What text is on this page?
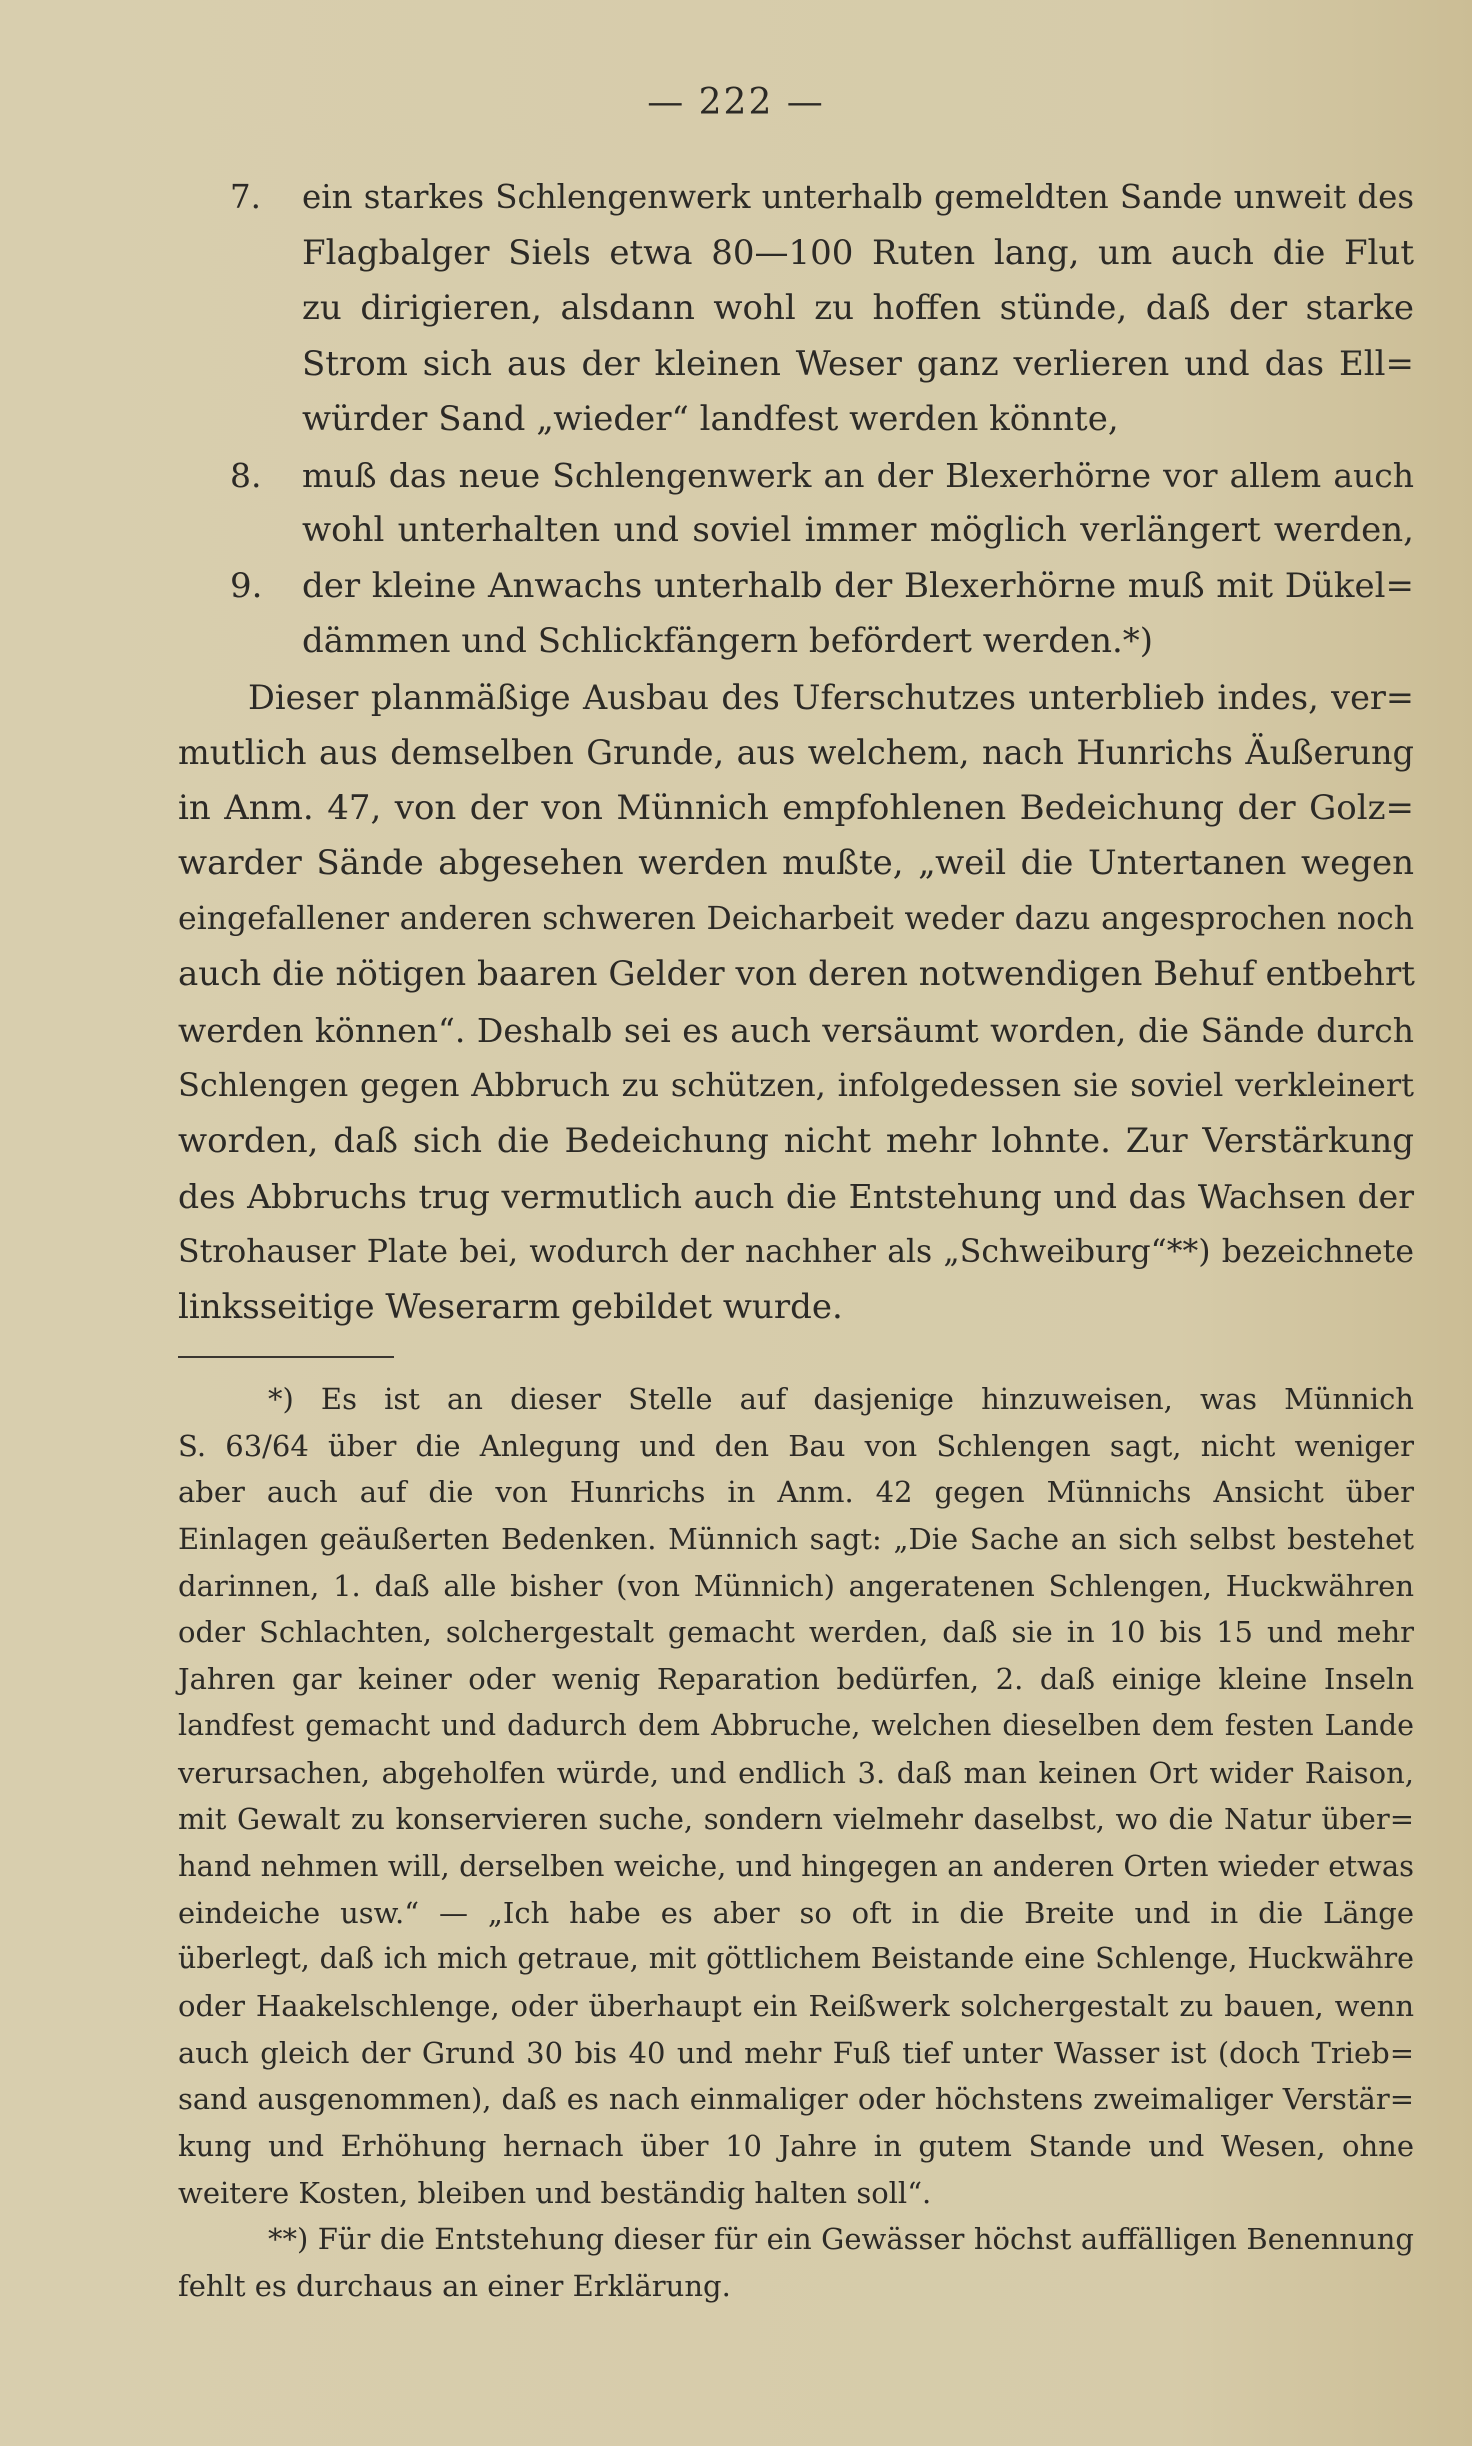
— 222 —
7. ein starkes Schlengenwerk unterhalb gemeldten Sande unweit des
Flagbalger Siels etwa 80—100 Ruten lang, um auch die Flut
zu dirigieren, alsdann wohl zu hoffen stünde, daß der starke
Strom sich aus der kleinen Weser ganz verlieren und das Ell=
würder Sand „wieder“ landfest werden könnte,
8. muß das neue Schlengenwerk an der Blexerhörne vor allem auch
wohl unterhalten und soviel immer möglich verlängert werden,
9. der kleine Anwachs unterhalb der Blexerhörne muß mit Dükel=
dämmen und Schlickfängern befördert werden.*)
Dieser planmäßige Ausbau des Uferschutzes unterblieb indes, ver=
mutlich aus demselben Grunde, aus welchem, nach Hunrichs Äußerung
in Anm. 47, von der von Münnich empfohlenen Bedeichung der Golz=
warder Sände abgesehen werden mußte, „weil die Untertanen wegen
eingefallener anderen schweren Deicharbeit weder dazu angesprochen noch
auch die nötigen baaren Gelder von deren notwendigen Behuf entbehrt
werden können“. Deshalb sei es auch versäumt worden, die Sände durch
Schlengen gegen Abbruch zu schützen, infolgedessen sie soviel verkleinert
worden, daß sich die Bedeichung nicht mehr lohnte. Zur Verstärkung
des Abbruchs trug vermutlich auch die Entstehung und das Wachsen der
Strohauser Plate bei, wodurch der nachher als „Schweiburg“**) bezeichnete
linksseitige Weserarm gebildet wurde.
*) Es ist an dieser Stelle auf dasjenige hinzuweisen, was Münnich
S. 63/64 über die Anlegung und den Bau von Schlengen sagt, nicht weniger
aber auch auf die von Hunrichs in Anm. 42 gegen Münnichs Ansicht über
Einlagen geäußerten Bedenken. Münnich sagt: „Die Sache an sich selbst bestehet
darinnen, 1. daß alle bisher (von Münnich) angeratenen Schlengen, Huckwähren
oder Schlachten, solchergestalt gemacht werden, daß sie in 10 bis 15 und mehr
Jahren gar keiner oder wenig Reparation bedürfen, 2. daß einige kleine Inseln
landfest gemacht und dadurch dem Abbruche, welchen dieselben dem festen Lande
verursachen, abgeholfen würde, und endlich 3. daß man keinen Ort wider Raison,
mit Gewalt zu konservieren suche, sondern vielmehr daselbst, wo die Natur über=
hand nehmen will, derselben weiche, und hingegen an anderen Orten wieder etwas
eindeiche usw.“ — „Ich habe es aber so oft in die Breite und in die Länge
überlegt, daß ich mich getraue, mit göttlichem Beistande eine Schlenge, Huckwähre
oder Haakelschlenge, oder überhaupt ein Reißwerk solchergestalt zu bauen, wenn
auch gleich der Grund 30 bis 40 und mehr Fuß tief unter Wasser ist (doch Trieb=
sand ausgenommen), daß es nach einmaliger oder höchstens zweimaliger Verstär=
kung und Erhöhung hernach über 10 Jahre in gutem Stande und Wesen, ohne
weitere Kosten, bleiben und beständig halten soll“.
**) Für die Entstehung dieser für ein Gewässer höchst auffälligen Benennung
fehlt es durchaus an einer Erklärung.
